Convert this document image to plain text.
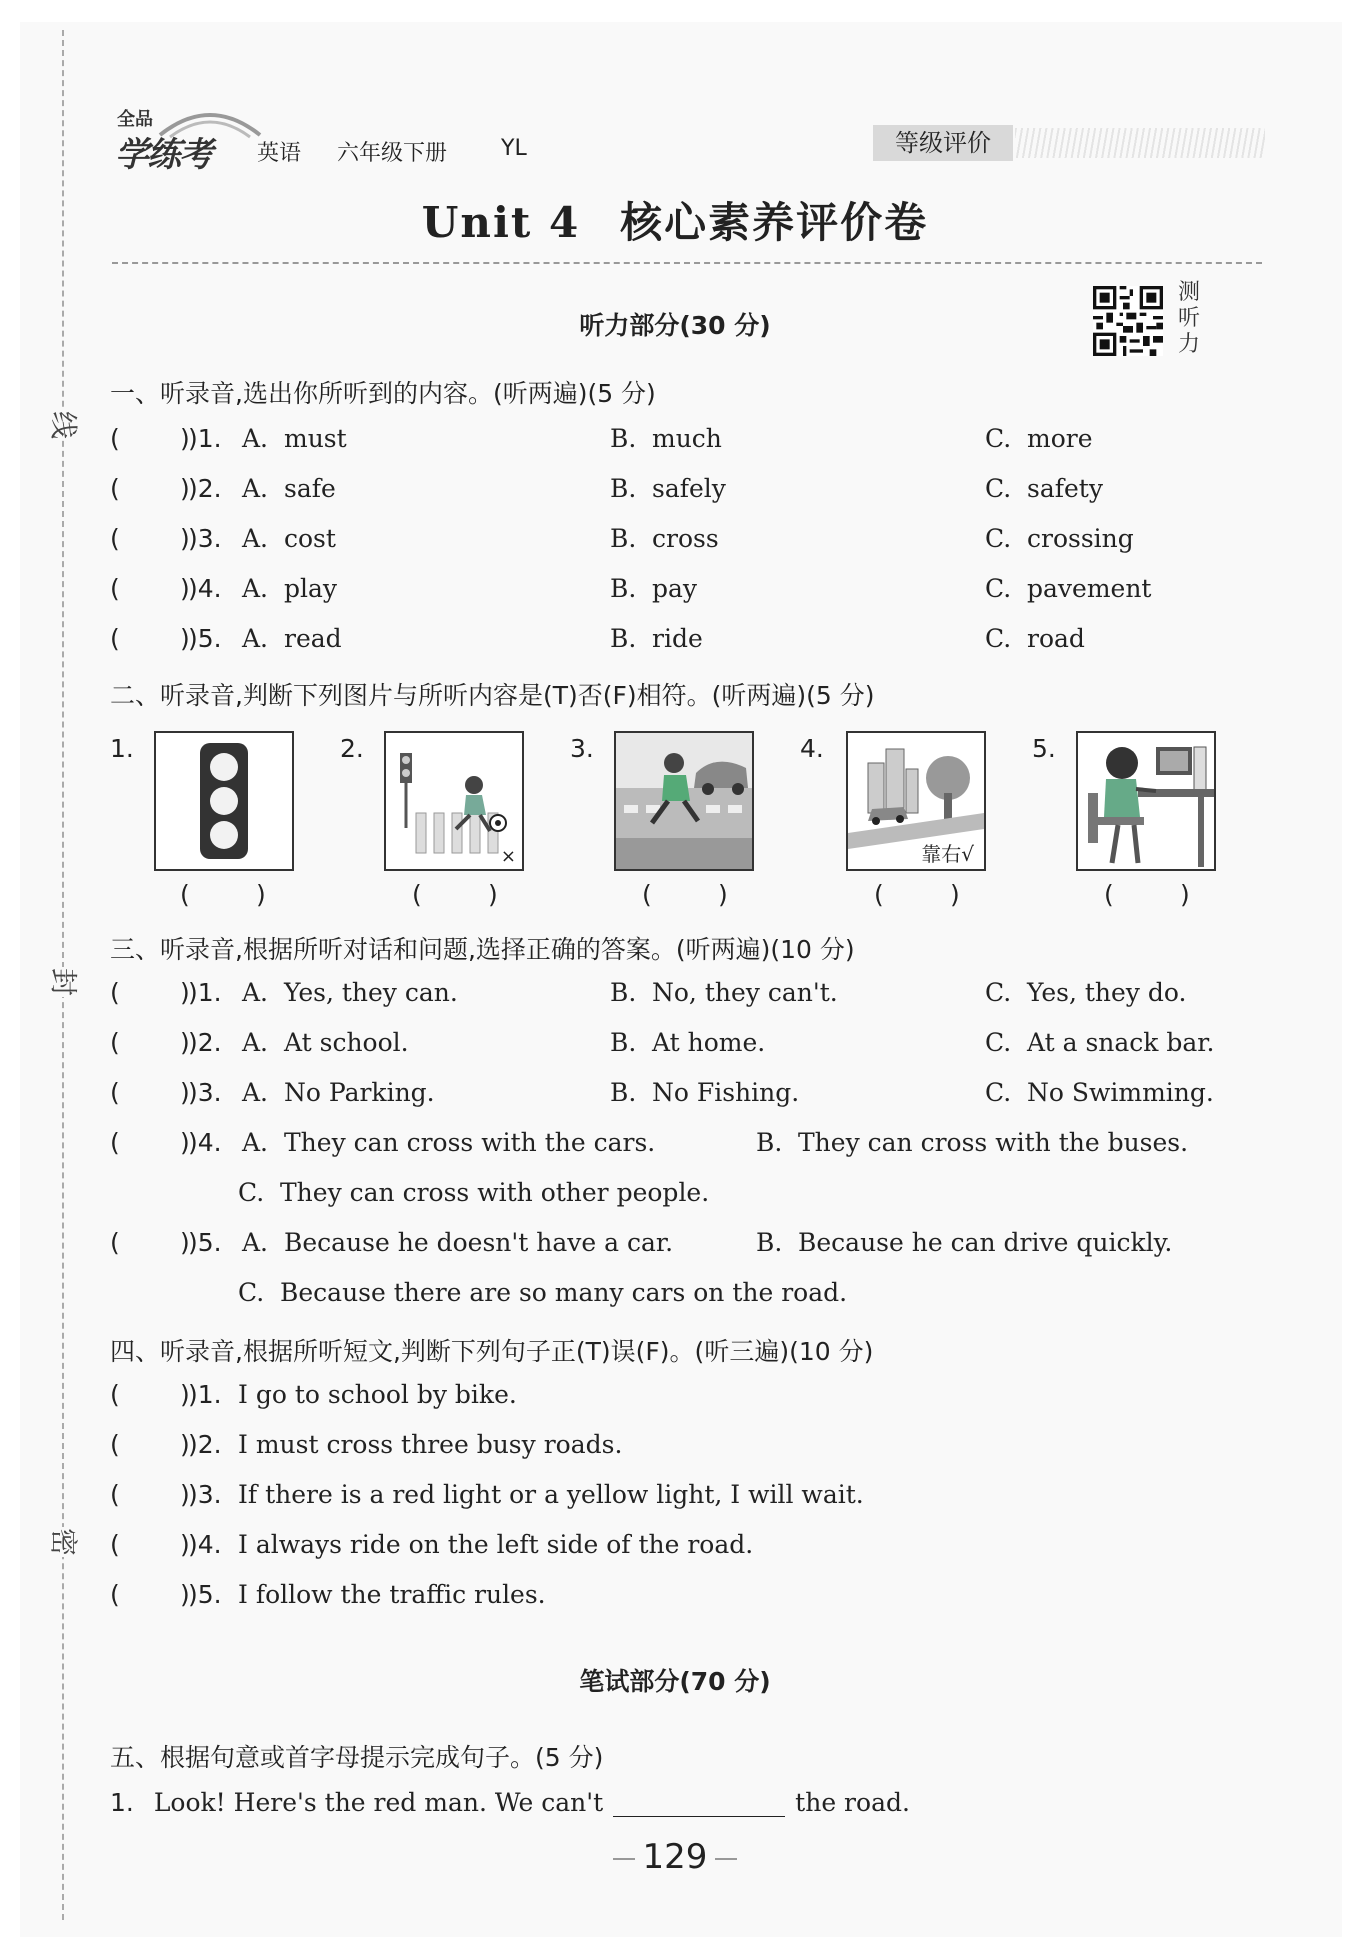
线
封
密
全品
学练考 英语 六年级下册 YL	等级评价
Unit 4 核心素养评价卷
听力部分(30 分)
测听力
一、听录音,选出你所听到的内容。(听两遍)(5 分)
( )
)1. A. must	B. much	C. more
( )
)2. A. safe	B. safely	C. safety
( )
)3. A. cost	B. cross	C. crossing
( )
)4. A. play	B. pay	C. pavement
( )
)5. A. read	B. ride	C. road
二、听录音,判断下列图片与所听内容是(T)否(F)相符。(听两遍)(5 分)
1.	2.
×
3.	4.
靠右√
5.
(	)	(	)	(	)	(	)	(	)
三、听录音,根据所听对话和问题,选择正确的答案。(听两遍)(10 分)
( )
)1. A. Yes, they can.	B. No, they can't.	C. Yes, they do.
( )
)2. A. At school.	B. At home.	C. At a snack bar.
( )
)3. A. No Parking.	B. No Fishing.	C. No Swimming.
( )
)4. A. They can cross with the cars.	B. They can cross with the buses.
C. They can cross with other people.
( )
)5. A. Because he doesn't have a car.	B. Because he can drive quickly.
C. Because there are so many cars on the road.
四、听录音,根据所听短文,判断下列句子正(T)误(F)。(听三遍)(10 分)
( )
)1. I go to school by bike.
( )
)2. I must cross three busy roads.
( )
)3. If there is a red light or a yellow light, I will wait.
( )
)4. I always ride on the left side of the road.
( )
)5. I follow the traffic rules.
笔试部分(70 分)
五、根据句意或首字母提示完成句子。(5 分)
1. Look! Here's the red man. We can't	the road.
129
